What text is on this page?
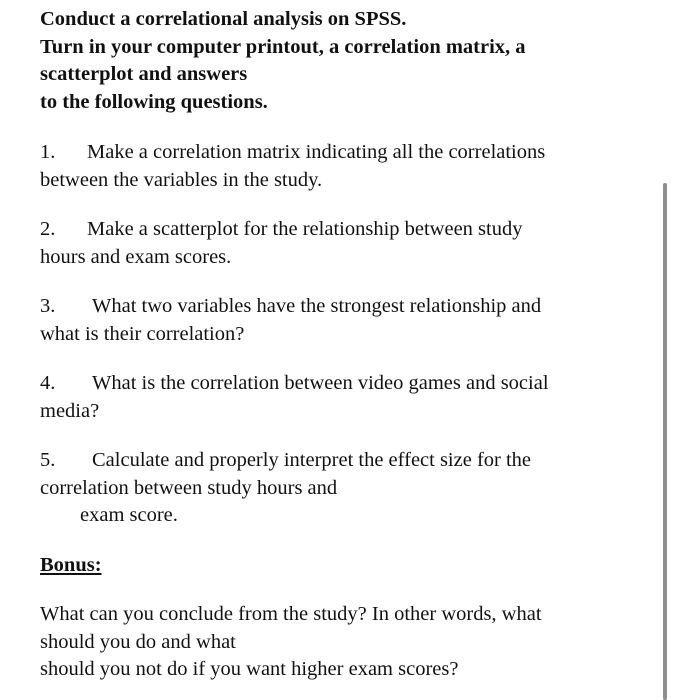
Conduct a correlational analysis on SPSS.
Turn in your computer printout, a correlation matrix, a
scatterplot and answers
to the following questions.

1. Make a correlation matrix indicating all the correlations
between the variables in the study.

2. Make a scatterplot for the relationship between study
hours and exam scores.

3. What two variables have the strongest relationship and
what is their correlation?

4. What is the correlation between video games and social
media?

5. Calculate and properly interpret the effect size for the
correlation between study hours and
exam score.

Bonus:

What can you conclude from the study? In other words, what
should you do and what
should you not do if you want higher exam scores?
